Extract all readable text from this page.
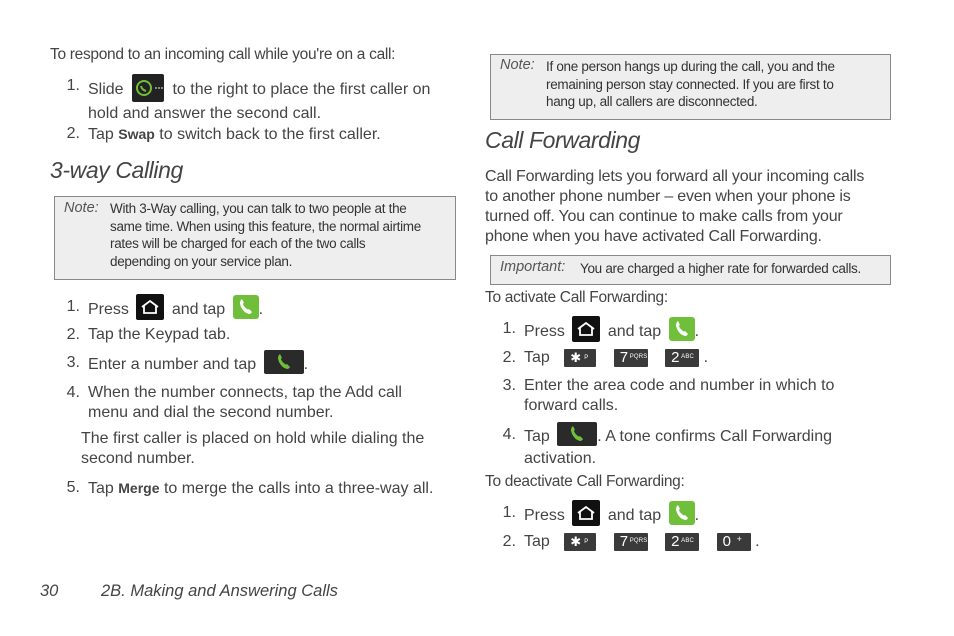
To respond to an incoming call while you're on a call:
1. Slide	to the right to place the first caller on
hold and answer the second call.
2. Tap Swap to switch back to the first caller.
3-way Calling
Note: With 3-Way calling, you can talk to two people at the
same time. When using this feature, the normal airtime
rates will be charged for each of the two calls
depending on your service plan.
1. Press	and tap .
2. Tap the Keypad tab.
3. Enter a number and tap	.
4. When the number connects, tap the Add call
menu and dial the second number.
The first caller is placed on hold while dialing the
second number.
5. Tap Merge to merge the calls into a three-way all.
Note: If one person hangs up during the call, you and the
remaining person stay connected. If you are first to
hang up, all callers are disconnected.
Call Forwarding
Call Forwarding lets you forward all your incoming calls
to another phone number – even when your phone is
turned off. You can continue to make calls from your
phone when you have activated Call Forwarding.
Important: You are charged a higher rate for forwarded calls.
To activate Call Forwarding:
1. Press	and tap .
2. Tap ✱ P
7 PQRS
2 ABC .
3. Enter the area code and number in which to
forward calls.
4. Tap	. A tone confirms Call Forwarding
activation.
To deactivate Call Forwarding:
1. Press	and tap .
2. Tap ✱ P
7 PQRS
2 ABC
0 + .
30	2B. Making and Answering Calls
